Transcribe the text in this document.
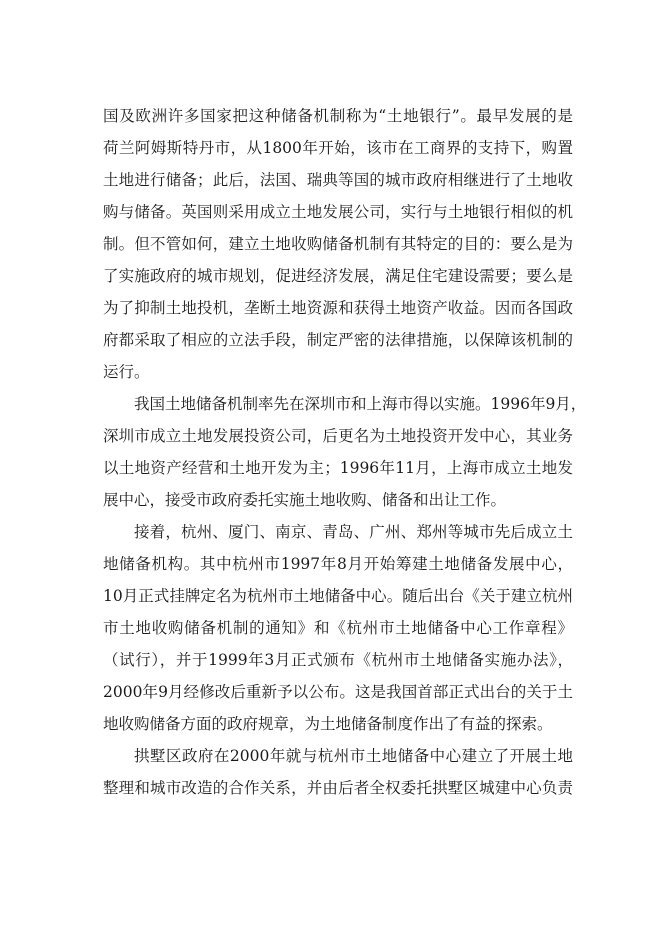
国及欧洲许多国家把这种储备机制称为“土地银行”。最早发展的是
荷兰阿姆斯特丹市，从1800年开始，该市在工商界的支持下，购置
土地进行储备；此后，法国、瑞典等国的城市政府相继进行了土地收
购与储备。英国则采用成立土地发展公司，实行与土地银行相似的机
制。但不管如何，建立土地收购储备机制有其特定的目的：要么是为
了实施政府的城市规划，促进经济发展，满足住宅建设需要；要么是
为了抑制土地投机，垄断土地资源和获得土地资产收益。因而各国政
府都采取了相应的立法手段，制定严密的法律措施，以保障该机制的
运行。
我国土地储备机制率先在深圳市和上海市得以实施。1996年9月，
深圳市成立土地发展投资公司，后更名为土地投资开发中心，其业务
以土地资产经营和土地开发为主；1996年11月，上海市成立土地发
展中心，接受市政府委托实施土地收购、储备和出让工作。
接着，杭州、厦门、南京、青岛、广州、郑州等城市先后成立土
地储备机构。其中杭州市1997年8月开始筹建土地储备发展中心，
10月正式挂牌定名为杭州市土地储备中心。随后出台《关于建立杭州
市土地收购储备机制的通知》和《杭州市土地储备中心工作章程》
（试行），并于1999年3月正式颁布《杭州市土地储备实施办法》，
2000年9月经修改后重新予以公布。这是我国首部正式出台的关于土
地收购储备方面的政府规章，为土地储备制度作出了有益的探索。
拱墅区政府在2000年就与杭州市土地储备中心建立了开展土地
整理和城市改造的合作关系，并由后者全权委托拱墅区城建中心负责
